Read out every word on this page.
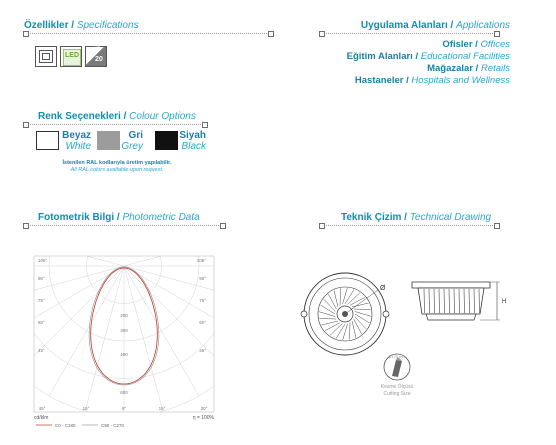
Özellikler / Specifications
LED
IP
20
Uygulama Alanları / Applications
Ofisler / Offices
Eğitim Alanları / Educational Facilities
Mağazalar / Retails
Hastaneler / Hospitals and Wellness
Renk Seçenekleri / Colour Options
Beyaz
White
Gri
Grey
Siyah
Black
İstenilen RAL kodlarıyla üretim yapılabilir.
All RAL colors available upon request.
Fotometrik Bilgi / Photometric Data
105°	105°
90°	90°
75°	75°
60°	60°
45°	45°
45°	15°	0°	15°	30°
200
300
400
600
cd/klm	η = 100%
C0 - C180	C90 - C270
Teknik Çizim / Technical Drawing
Ø
H
Ø175 mm
Kesme Ölçüsü
Cutting Size
